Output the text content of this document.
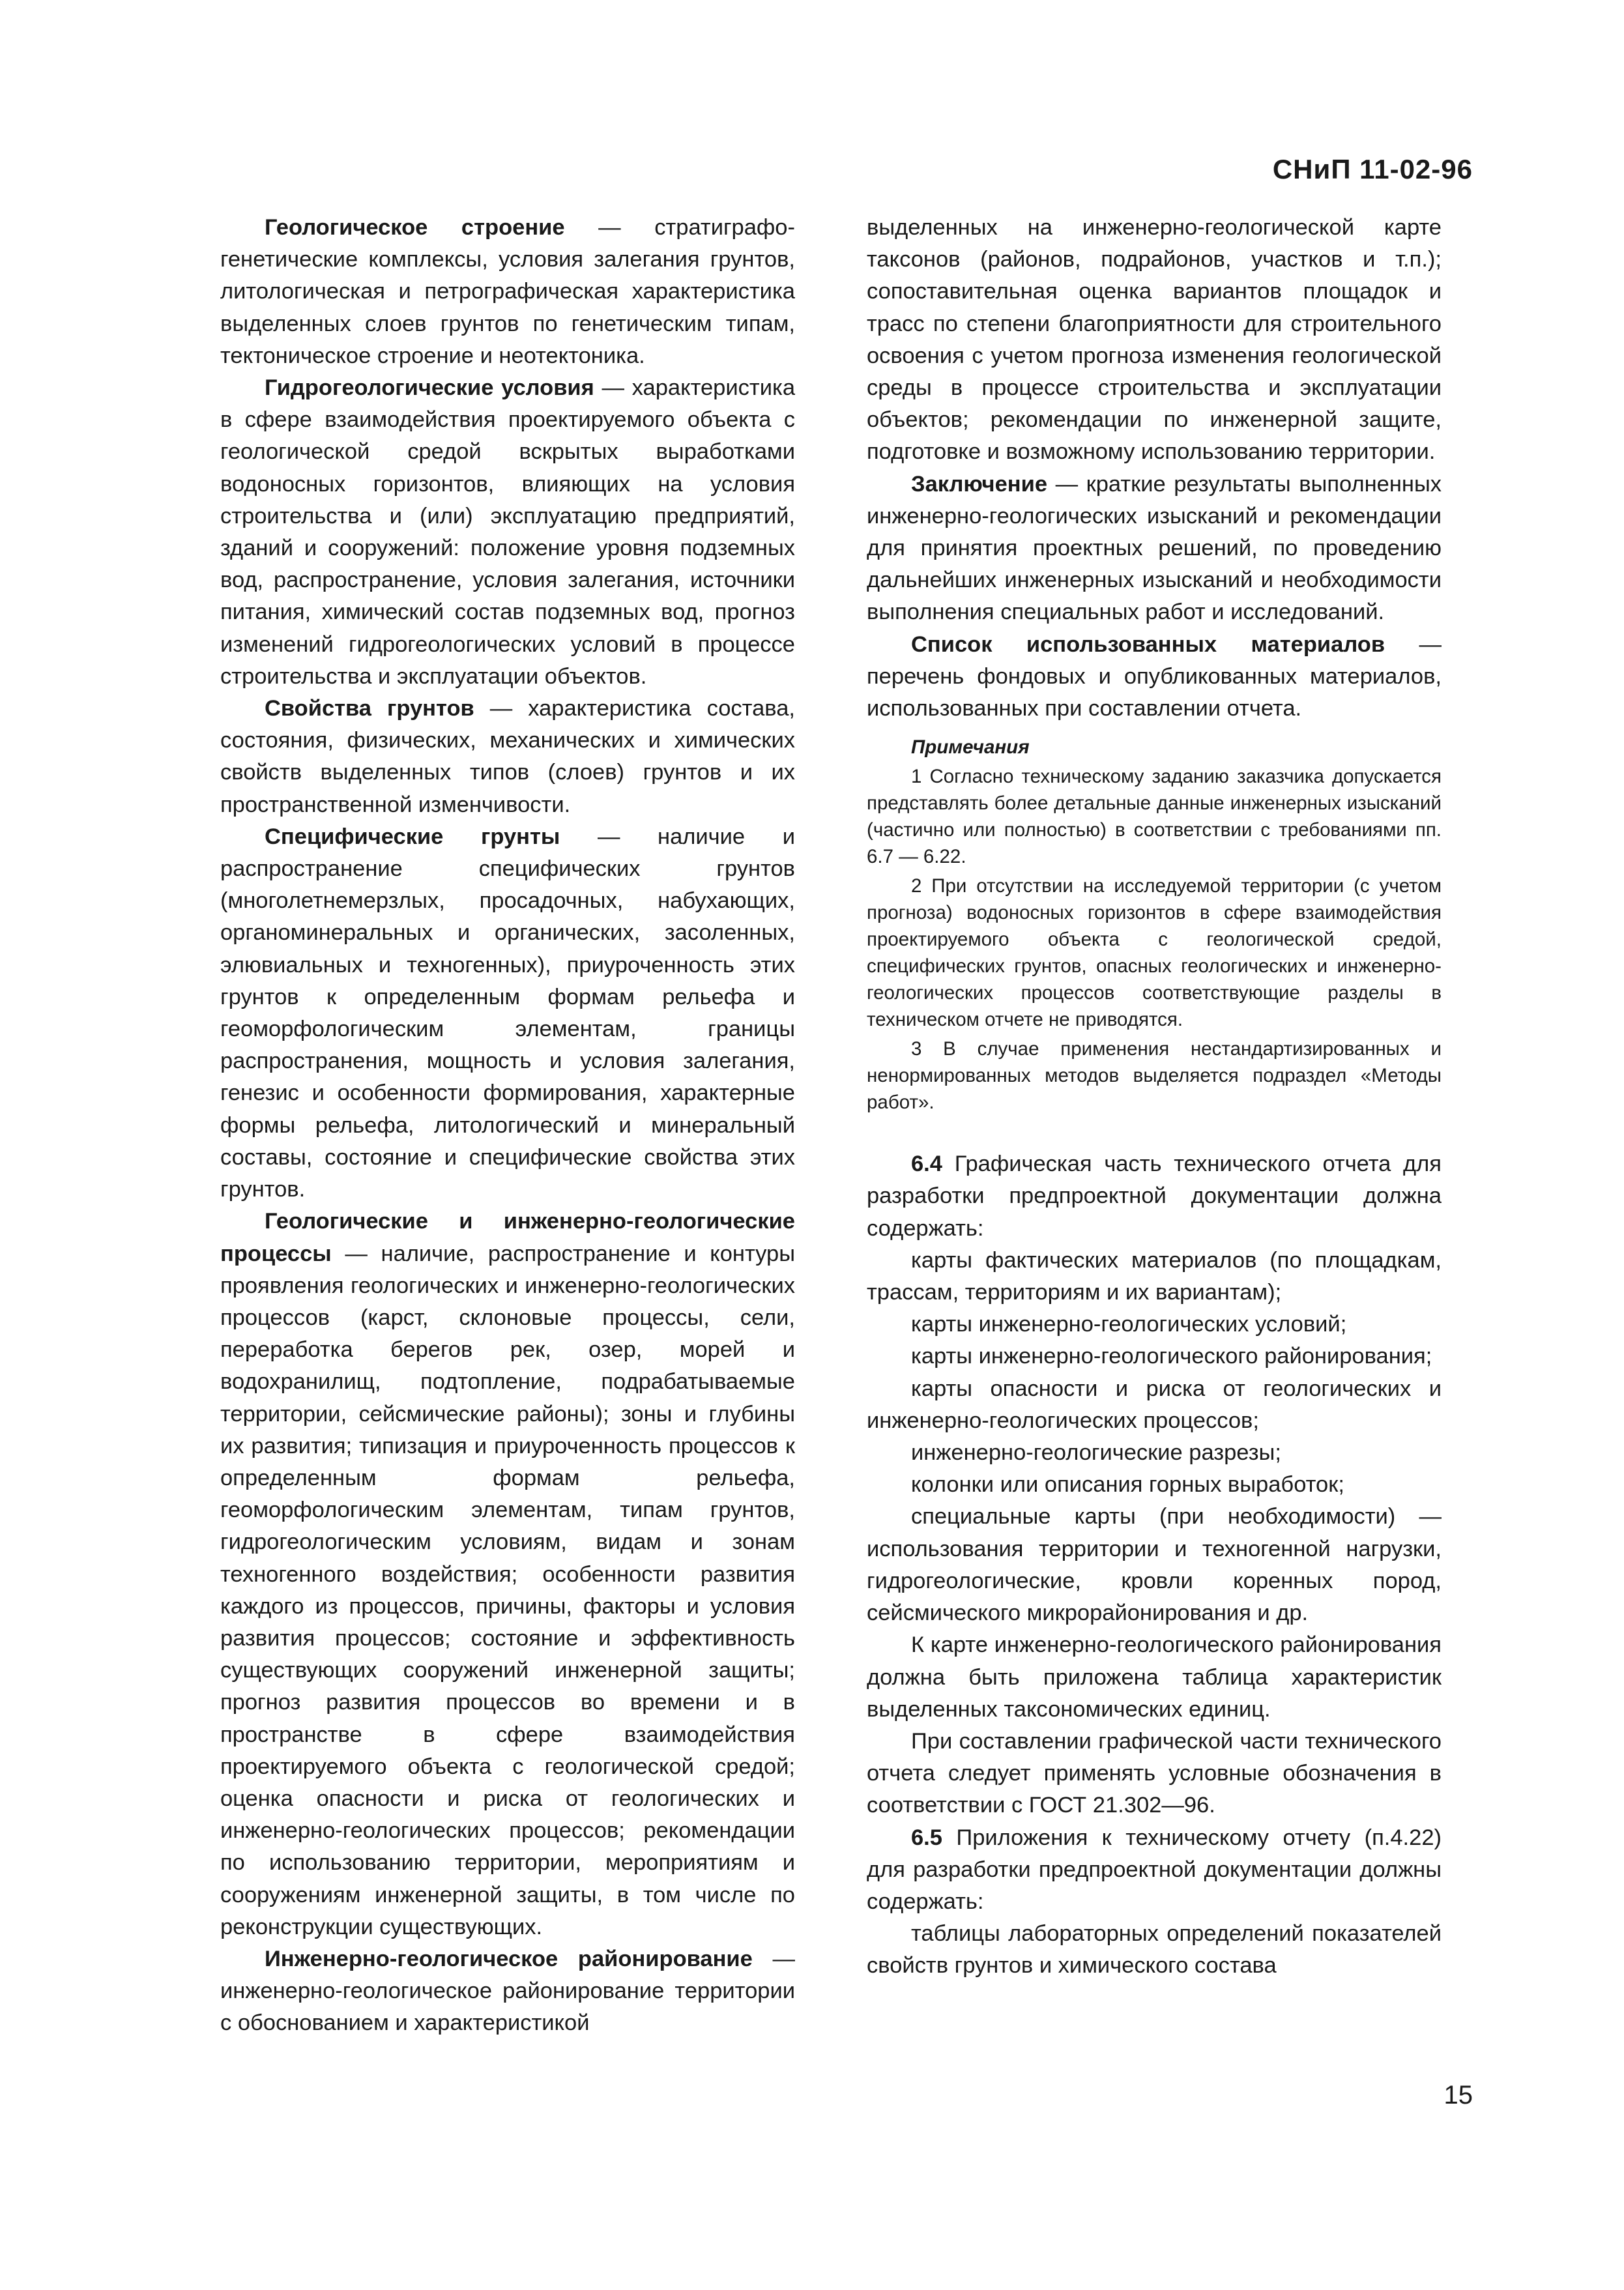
СНиП 11-02-96

Геологическое строение — стратиграфо-генетические комплексы, условия залегания грунтов, литологическая и петрографическая характеристика выделенных слоев грунтов по генетическим типам, тектоническое строение и неотектоника.

Гидрогеологические условия — характеристика в сфере взаимодействия проектируемого объекта с геологической средой вскрытых выработками водоносных горизонтов, влияющих на условия строительства и (или) эксплуатацию предприятий, зданий и сооружений: положение уровня подземных вод, распространение, условия залегания, источники питания, химический состав подземных вод, прогноз изменений гидрогеологических условий в процессе строительства и эксплуатации объектов.

Свойства грунтов — характеристика состава, состояния, физических, механических и химических свойств выделенных типов (слоев) грунтов и их пространственной изменчивости.

Специфические грунты — наличие и распространение специфических грунтов (многолетнемерзлых, просадочных, набухающих, органоминеральных и органических, засоленных, элювиальных и техногенных), приуроченность этих грунтов к определенным формам рельефа и геоморфологическим элементам, границы распространения, мощность и условия залегания, генезис и особенности формирования, характерные формы рельефа, литологический и минеральный составы, состояние и специфические свойства этих грунтов.

Геологические и инженерно-геологические процессы — наличие, распространение и контуры проявления геологических и инженерно-геологических процессов (карст, склоновые процессы, сели, переработка берегов рек, озер, морей и водохранилищ, подтопление, подрабатываемые территории, сейсмические районы); зоны и глубины их развития; типизация и приуроченность процессов к определенным формам рельефа, геоморфологическим элементам, типам грунтов, гидрогеологическим условиям, видам и зонам техногенного воздействия; особенности развития каждого из процессов, причины, факторы и условия развития процессов; состояние и эффективность существующих сооружений инженерной защиты; прогноз развития процессов во времени и в пространстве в сфере взаимодействия проектируемого объекта с геологической средой; оценка опасности и риска от геологических и инженерно-геологических процессов; рекомендации по использованию территории, мероприятиям и сооружениям инженерной защиты, в том числе по реконструкции существующих.

Инженерно-геологическое районирование — инженерно-геологическое районирование территории с обоснованием и характеристикой

выделенных на инженерно-геологической карте таксонов (районов, подрайонов, участков и т.п.); сопоставительная оценка вариантов площадок и трасс по степени благоприятности для строительного освоения с учетом прогноза изменения геологической среды в процессе строительства и эксплуатации объектов; рекомендации по инженерной защите, подготовке и возможному использованию территории.

Заключение — краткие результаты выполненных инженерно-геологических изысканий и рекомендации для принятия проектных решений, по проведению дальнейших инженерных изысканий и необходимости выполнения специальных работ и исследований.

Список использованных материалов — перечень фондовых и опубликованных материалов, использованных при составлении отчета.

Примечания

1 Согласно техническому заданию заказчика допускается представлять более детальные данные инженерных изысканий (частично или полностью) в соответствии с требованиями пп. 6.7 — 6.22.

2 При отсутствии на исследуемой территории (с учетом прогноза) водоносных горизонтов в сфере взаимодействия проектируемого объекта с геологической средой, специфических грунтов, опасных геологических и инженерно-геологических процессов соответствующие разделы в техническом отчете не приводятся.

3 В случае применения нестандартизированных и ненормированных методов выделяется подраздел «Методы работ».

6.4 Графическая часть технического отчета для разработки предпроектной документации должна содержать:

карты фактических материалов (по площадкам, трассам, территориям и их вариантам);

карты инженерно-геологических условий;

карты инженерно-геологического районирования;

карты опасности и риска от геологических и инженерно-геологических процессов;

инженерно-геологические разрезы;

колонки или описания горных выработок;

специальные карты (при необходимости) — использования территории и техногенной нагрузки, гидрогеологические, кровли коренных пород, сейсмического микрорайонирования и др.

К карте инженерно-геологического районирования должна быть приложена таблица характеристик выделенных таксономических единиц.

При составлении графической части технического отчета следует применять условные обозначения в соответствии с ГОСТ 21.302—96.

6.5 Приложения к техническому отчету (п.4.22) для разработки предпроектной документации должны содержать:

таблицы лабораторных определений показателей свойств грунтов и химического состава

15
